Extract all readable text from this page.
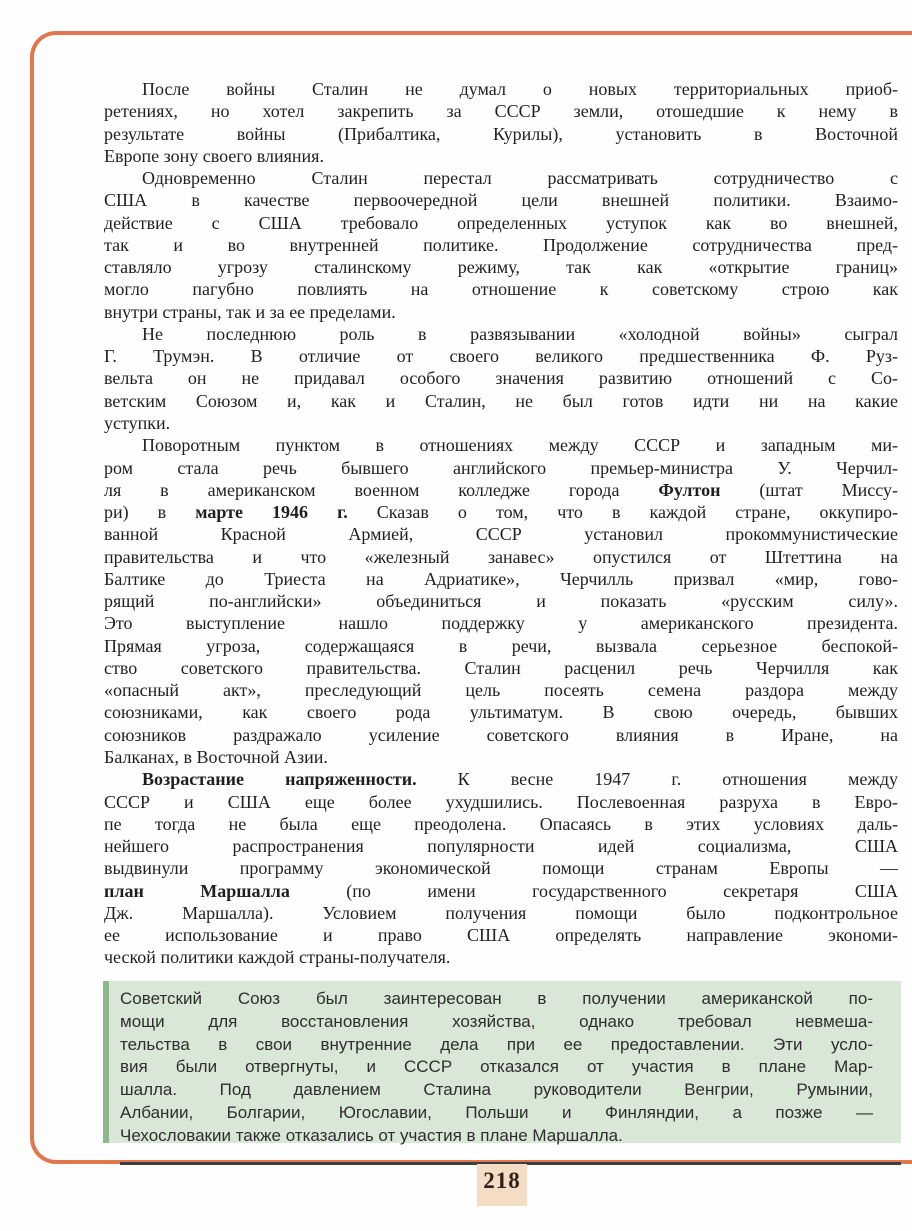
После войны Сталин не думал о новых территориальных приоб-
ретениях, но хотел закрепить за СССР земли, отошедшие к нему в
результате войны (Прибалтика, Курилы), установить в Восточной
Европе зону своего влияния.
Одновременно Сталин перестал рассматривать сотрудничество с
США в качестве первоочередной цели внешней политики. Взаимо-
действие с США требовало определенных уступок как во внешней,
так и во внутренней политике. Продолжение сотрудничества пред-
ставляло угрозу сталинскому режиму, так как «открытие границ»
могло пагубно повлиять на отношение к советскому строю как
внутри страны, так и за ее пределами.
Не последнюю роль в развязывании «холодной войны» сыграл
Г. Трумэн. В отличие от своего великого предшественника Ф. Руз-
вельта он не придавал особого значения развитию отношений с Со-
ветским Союзом и, как и Сталин, не был готов идти ни на какие
уступки.
Поворотным пунктом в отношениях между СССР и западным ми-
ром стала речь бывшего английского премьер-министра У. Черчил-
ля в американском военном колледже города Фултон (штат Миссу-
ри) в марте 1946 г. Сказав о том, что в каждой стране, оккупиро-
ванной Красной Армией, СССР установил прокоммунистические
правительства и что «железный занавес» опустился от Штеттина на
Балтике до Триеста на Адриатике», Черчилль призвал «мир, гово-
рящий по-английски» объединиться и показать «русским силу».
Это выступление нашло поддержку у американского президента.
Прямая угроза, содержащаяся в речи, вызвала серьезное беспокой-
ство советского правительства. Сталин расценил речь Черчилля как
«опасный акт», преследующий цель посеять семена раздора между
союзниками, как своего рода ультиматум. В свою очередь, бывших
союзников раздражало усиление советского влияния в Иране, на
Балканах, в Восточной Азии.
Возрастание напряженности. К весне 1947 г. отношения между
СССР и США еще более ухудшились. Послевоенная разруха в Евро-
пе тогда не была еще преодолена. Опасаясь в этих условиях даль-
нейшего распространения популярности идей социализма, США
выдвинули программу экономической помощи странам Европы —
план Маршалла (по имени государственного секретаря США
Дж. Маршалла). Условием получения помощи было подконтрольное
ее использование и право США определять направление экономи-
ческой политики каждой страны-получателя.
Советский Союз был заинтересован в получении американской по-
мощи для восстановления хозяйства, однако требовал невмеша-
тельства в свои внутренние дела при ее предоставлении. Эти усло-
вия были отвергнуты, и СССР отказался от участия в плане Мар-
шалла. Под давлением Сталина руководители Венгрии, Румынии,
Албании, Болгарии, Югославии, Польши и Финляндии, а позже —
Чехословакии также отказались от участия в плане Маршалла.
218
